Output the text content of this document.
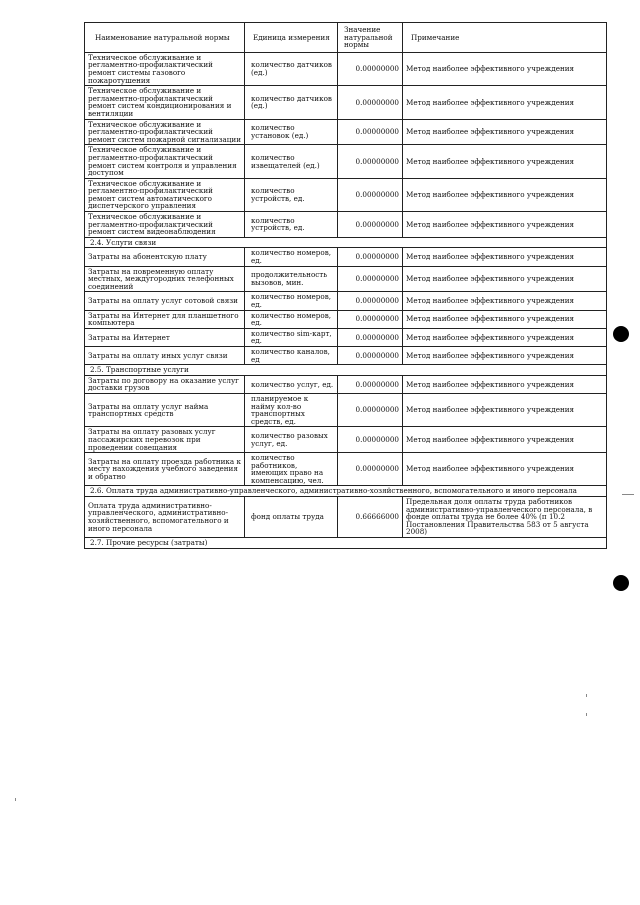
Наименование натуральной нормы	Единица измерения	Значение натуральной нормы	Примечание
Техническое обслуживание и регламентно-профилактический ремонт системы газового пожаротушения	количество датчиков (ед.)	0.00000000	Метод наиболее эффективного учреждения
Техническое обслуживание и регламентно-профилактический ремонт систем кондиционирования и вентиляции	количество датчиков (ед.)	0.00000000	Метод наиболее эффективного учреждения
Техническое обслуживание и регламентно-профилактический ремонт систем пожарной сигнализации	количество установок (ед.)	0.00000000	Метод наиболее эффективного учреждения
Техническое обслуживание и регламентно-профилактический ремонт систем контроля и управления доступом	количество извещателей (ед.)	0.00000000	Метод наиболее эффективного учреждения
Техническое обслуживание и регламентно-профилактический ремонт систем автоматического диспетчерского управления	количество устройств, ед.	0.00000000	Метод наиболее эффективного учреждения
Техническое обслуживание и регламентно-профилактический ремонт систем видеонаблюдения	количество устройств, ед.	0.00000000	Метод наиболее эффективного учреждения
2.4. Услуги связи			
Затраты на абонентскую плату	количество номеров, ед.	0.00000000	Метод наиболее эффективного учреждения
Затраты на повременную оплату местных, междугородних телефонных соединений	продолжительность вызовов, мин.	0.00000000	Метод наиболее эффективного учреждения
Затраты на оплату услуг сотовой связи	количество номеров, ед.	0.00000000	Метод наиболее эффективного учреждения
Затраты на Интернет для планшетного компьютера	количество номеров, ед.	0.00000000	Метод наиболее эффективного учреждения
Затраты на Интернет	количество sim-карт, ед.	0.00000000	Метод наиболее эффективного учреждения
Затраты на оплату иных услуг связи	количество каналов, ед	0.00000000	Метод наиболее эффективного учреждения
2.5. Транспортные услуги			
Затраты по договору на оказание услуг доставки грузов	количество услуг, ед.	0.00000000	Метод наиболее эффективного учреждения
Затраты на оплату услуг найма транспортных средств	планируемое к найму кол-во транспортных средств, ед.	0.00000000	Метод наиболее эффективного учреждения
Затраты на оплату разовых услуг пассажирских перевозок при проведении совещания	количество разовых услуг, ед.	0.00000000	Метод наиболее эффективного учреждения
Затраты на оплату проезда работника к месту нахождения учебного заведения и обратно	количество работников, имеющих право на компенсацию, чел.	0.00000000	Метод наиболее эффективного учреждения
2.6. Оплата труда административно-управленческого, административно-хозяйственного, вспомогательного и иного персонала			
Оплата труда административно-управленческого, административно-хозяйственного, вспомогательного и иного персонала	фонд оплаты труда	0.66666000	Предельная доля оплаты труда работников административно-управленческого персонала, в фонде оплаты труда не более 40% (п 10.2 Постановления Правительства 583 от 5 августа 2008)
2.7. Прочие ресурсы (затраты)			
